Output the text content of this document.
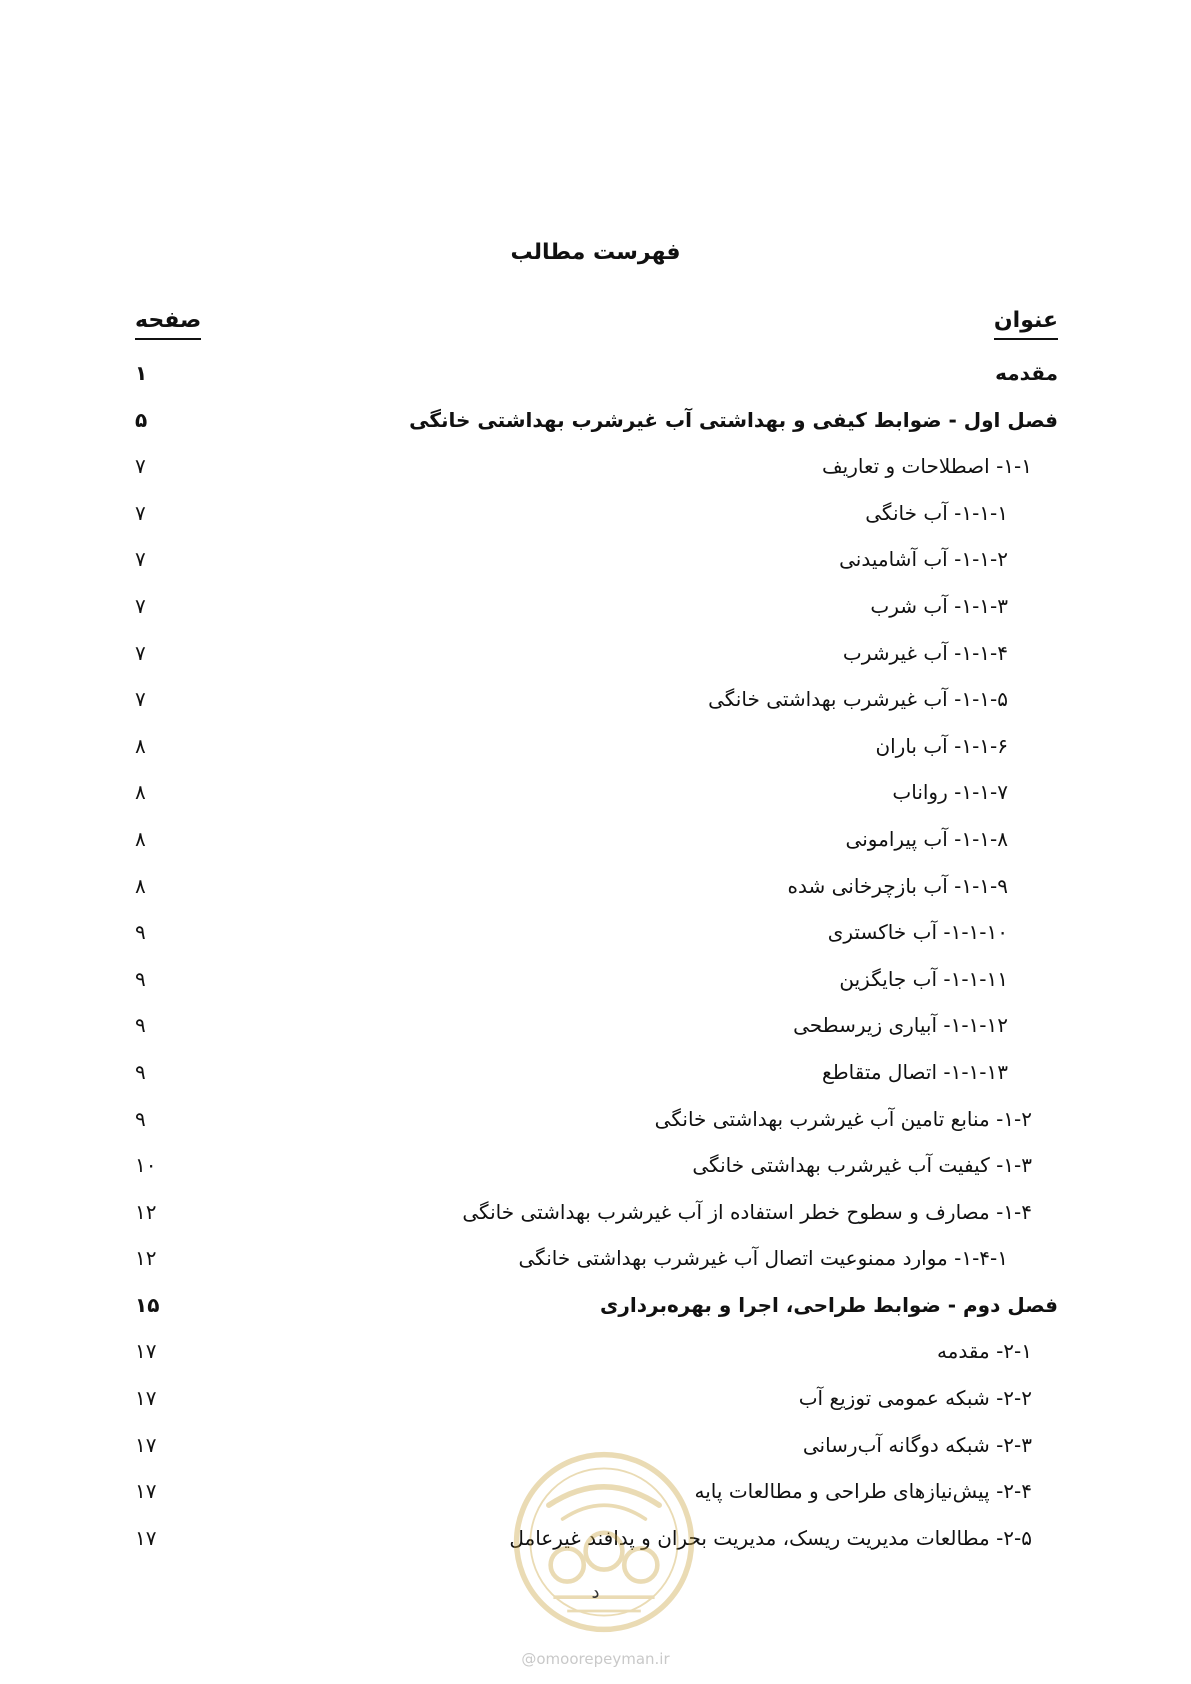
فهرست مطالب
عنوان
صفحه
مقدمه
۱
فصل اول - ضوابط کیفی و بهداشتی آب غیرشرب بهداشتی خانگی
۵
۱-۱- اصطلاحات و تعاریف
۷
۱-۱-۱- آب خانگی
۷
۱-۱-۲- آب آشامیدنی
۷
۱-۱-۳- آب شرب
۷
۱-۱-۴- آب غیرشرب
۷
۱-۱-۵- آب غیرشرب بهداشتی خانگی
۷
۱-۱-۶- آب باران
۸
۱-۱-۷- رواناب
۸
۱-۱-۸- آب پیرامونی
۸
۱-۱-۹- آب بازچرخانی شده
۸
۱-۱-۱۰- آب خاکستری
۹
۱-۱-۱۱- آب جایگزین
۹
۱-۱-۱۲- آبیاری زیرسطحی
۹
۱-۱-۱۳- اتصال متقاطع
۹
۱-۲- منابع تامین آب غیرشرب بهداشتی خانگی
۹
۱-۳- کیفیت آب غیرشرب بهداشتی خانگی
۱۰
۱-۴- مصارف و سطوح خطر استفاده از آب غیرشرب بهداشتی خانگی
۱۲
۱-۴-۱- موارد ممنوعیت اتصال آب غیرشرب بهداشتی خانگی
۱۲
فصل دوم - ضوابط طراحی، اجرا و بهره‌برداری
۱۵
۲-۱- مقدمه
۱۷
۲-۲- شبکه عمومی توزیع آب
۱۷
۲-۳- شبکه دوگانه آب‌رسانی
۱۷
۲-۴- پیش‌نیازهای طراحی و مطالعات پایه
۱۷
۲-۵- مطالعات مدیریت ریسک، مدیریت بحران و پدافند غیرعامل
۱۷
د
@omoorepeyman.ir
